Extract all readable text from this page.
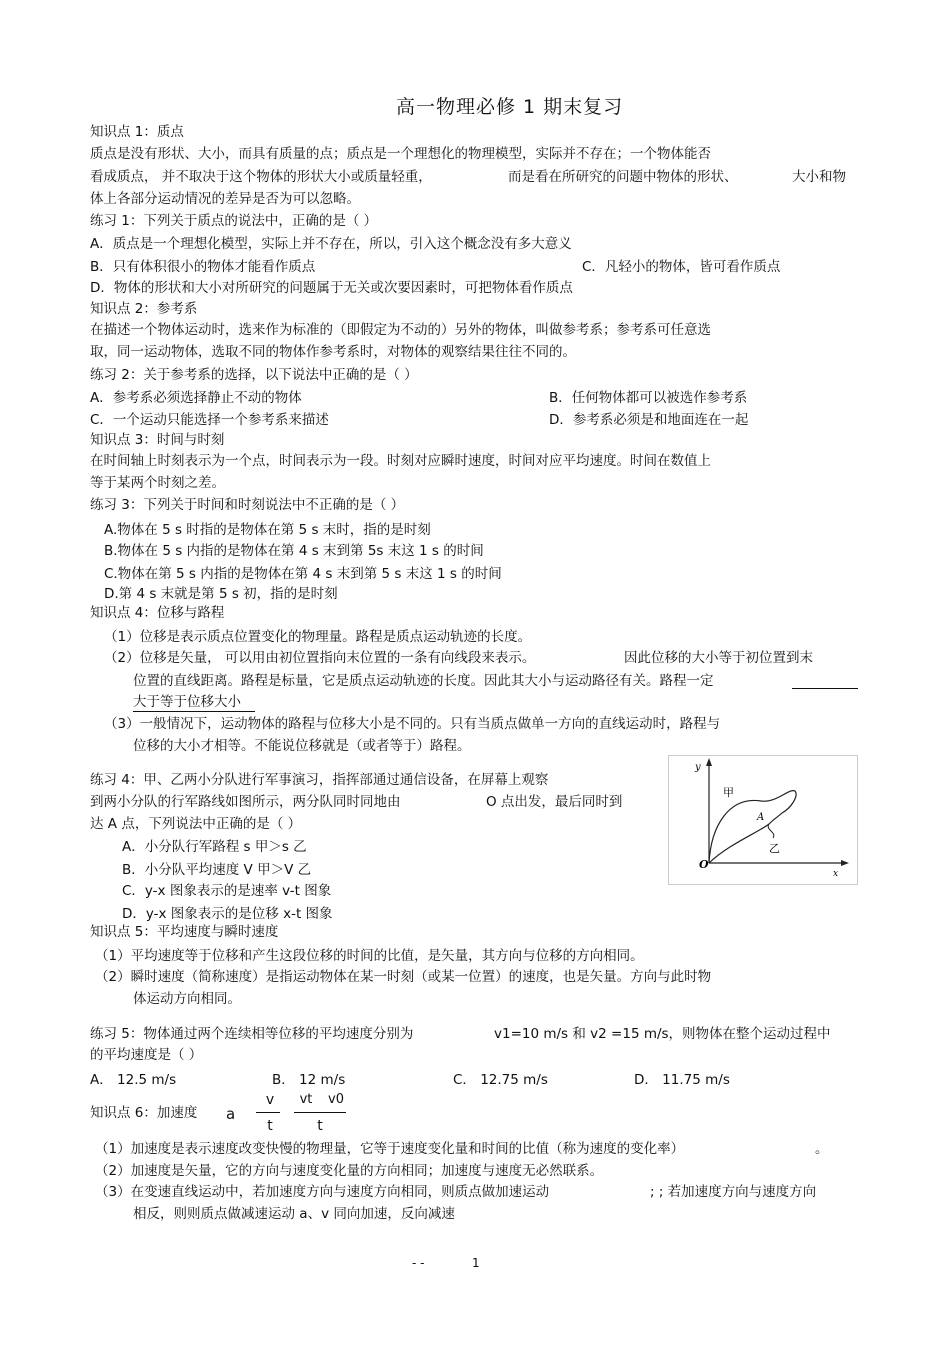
高一物理必修 1 期末复习
知识点 1：质点
质点是没有形状、大小，而具有质量的点；质点是一个理想化的物理模型，实际并不存在；一个物体能否
看成质点， 并不取决于这个物体的形状大小或质量轻重，	而是看在所研究的问题中物体的形状、	大小和物
体上各部分运动情况的差异是否为可以忽略。
练习 1：下列关于质点的说法中，正确的是（ ）
A．质点是一个理想化模型，实际上并不存在，所以，引入这个概念没有多大意义
B．只有体积很小的物体才能看作质点	C．凡轻小的物体，皆可看作质点
D．物体的形状和大小对所研究的问题属于无关或次要因素时，可把物体看作质点
知识点 2：参考系
在描述一个物体运动时，选来作为标准的（即假定为不动的）另外的物体，叫做参考系；参考系可任意选
取，同一运动物体，选取不同的物体作参考系时，对物体的观察结果往往不同的。
练习 2：关于参考系的选择，以下说法中正确的是（ ）
A．参考系必须选择静止不动的物体	B．任何物体都可以被选作参考系
C．一个运动只能选择一个参考系来描述	D．参考系必须是和地面连在一起
知识点 3：时间与时刻
在时间轴上时刻表示为一个点，时间表示为一段。时刻对应瞬时速度，时间对应平均速度。时间在数值上
等于某两个时刻之差。
练习 3：下列关于时间和时刻说法中不正确的是（ ）
A.物体在 5 s 时指的是物体在第 5 s 末时，指的是时刻
B.物体在 5 s 内指的是物体在第 4 s 末到第 5s 末这 1 s 的时间
C.物体在第 5 s 内指的是物体在第 4 s 末到第 5 s 末这 1 s 的时间
D.第 4 s 末就是第 5 s 初，指的是时刻
知识点 4：位移与路程
（1）位移是表示质点位置变化的物理量。路程是质点运动轨迹的长度。
（2）位移是矢量， 可以用由初位置指向末位置的一条有向线段来表示。	因此位移的大小等于初位置到末
位置的直线距离。路程是标量，它是质点运动轨迹的长度。因此其大小与运动路径有关。路程一定
大于等于位移大小
（3）一般情况下，运动物体的路程与位移大小是不同的。只有当质点做单一方向的直线运动时，路程与
位移的大小才相等。不能说位移就是（或者等于）路程。
练习 4：甲、乙两小分队进行军事演习，指挥部通过通信设备，在屏幕上观察
到两小分队的行军路线如图所示，两分队同时同地由	O 点出发，最后同时到
达 A 点，下列说法中正确的是（ ）
A．小分队行军路程 s 甲＞s 乙
B．小分队平均速度 V 甲＞V 乙
C．y-x 图象表示的是速率 v-t 图象
D．y-x 图象表示的是位移 x-t 图象
y
O
x
A
甲
乙
知识点 5：平均速度与瞬时速度
（1）平均速度等于位移和产生这段位移的时间的比值，是矢量，其方向与位移的方向相同。
（2）瞬时速度（简称速度）是指运动物体在某一时刻（或某一位置）的速度，也是矢量。方向与此时物
体运动方向相同。
练习 5：物体通过两个连续相等位移的平均速度分别为	v1=10 m/s 和 v2 =15 m/s，则物体在整个运动过程中
的平均速度是（ ）
A． 12.5 m/s	B． 12 m/s	C． 12.75 m/s	D． 11.75 m/s
知识点 6：加速度 a
v
t
vt v0
t
（1）加速度是表示速度改变快慢的物理量，它等于速度变化量和时间的比值（称为速度的变化率）	。
（2）加速度是矢量，它的方向与速度变化量的方向相同；加速度与速度无必然联系。
（3）在变速直线运动中，若加速度方向与速度方向相同，则质点做加速运动	; ; 若加速度方向与速度方向
相反，则则质点做减速运动 a、v 同向加速，反向减速
- -	1
